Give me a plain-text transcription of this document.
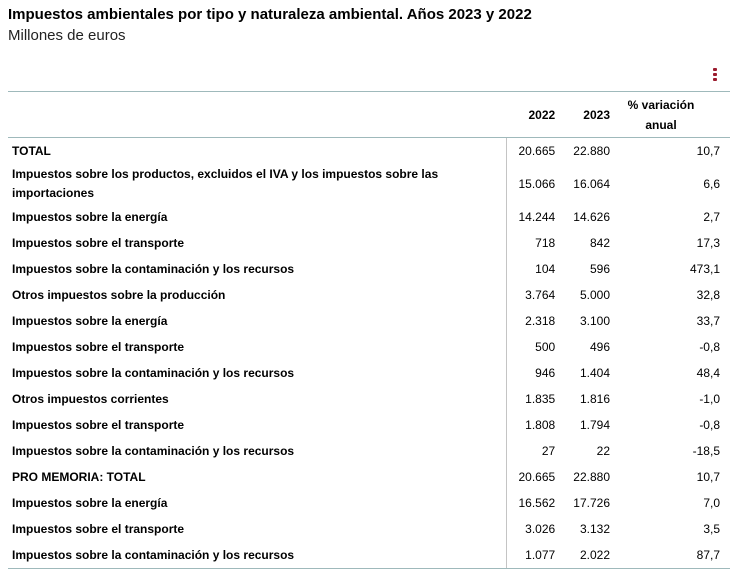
Impuestos ambientales por tipo y naturaleza ambiental. Años 2023 y 2022
Millones de euros
	2022	2023	% variación anual

TOTAL	20.665	22.880	10,7
Impuestos sobre los productos, excluidos el IVA y los impuestos sobre las importaciones	15.066	16.064	6,6
Impuestos sobre la energía	14.244	14.626	2,7
Impuestos sobre el transporte	718	842	17,3
Impuestos sobre la contaminación y los recursos	104	596	473,1
Otros impuestos sobre la producción	3.764	5.000	32,8
Impuestos sobre la energía	2.318	3.100	33,7
Impuestos sobre el transporte	500	496	-0,8
Impuestos sobre la contaminación y los recursos	946	1.404	48,4
Otros impuestos corrientes	1.835	1.816	-1,0
Impuestos sobre el transporte	1.808	1.794	-0,8
Impuestos sobre la contaminación y los recursos	27	22	-18,5
PRO MEMORIA: TOTAL	20.665	22.880	10,7
Impuestos sobre la energía	16.562	17.726	7,0
Impuestos sobre el transporte	3.026	3.132	3,5
Impuestos sobre la contaminación y los recursos	1.077	2.022	87,7
